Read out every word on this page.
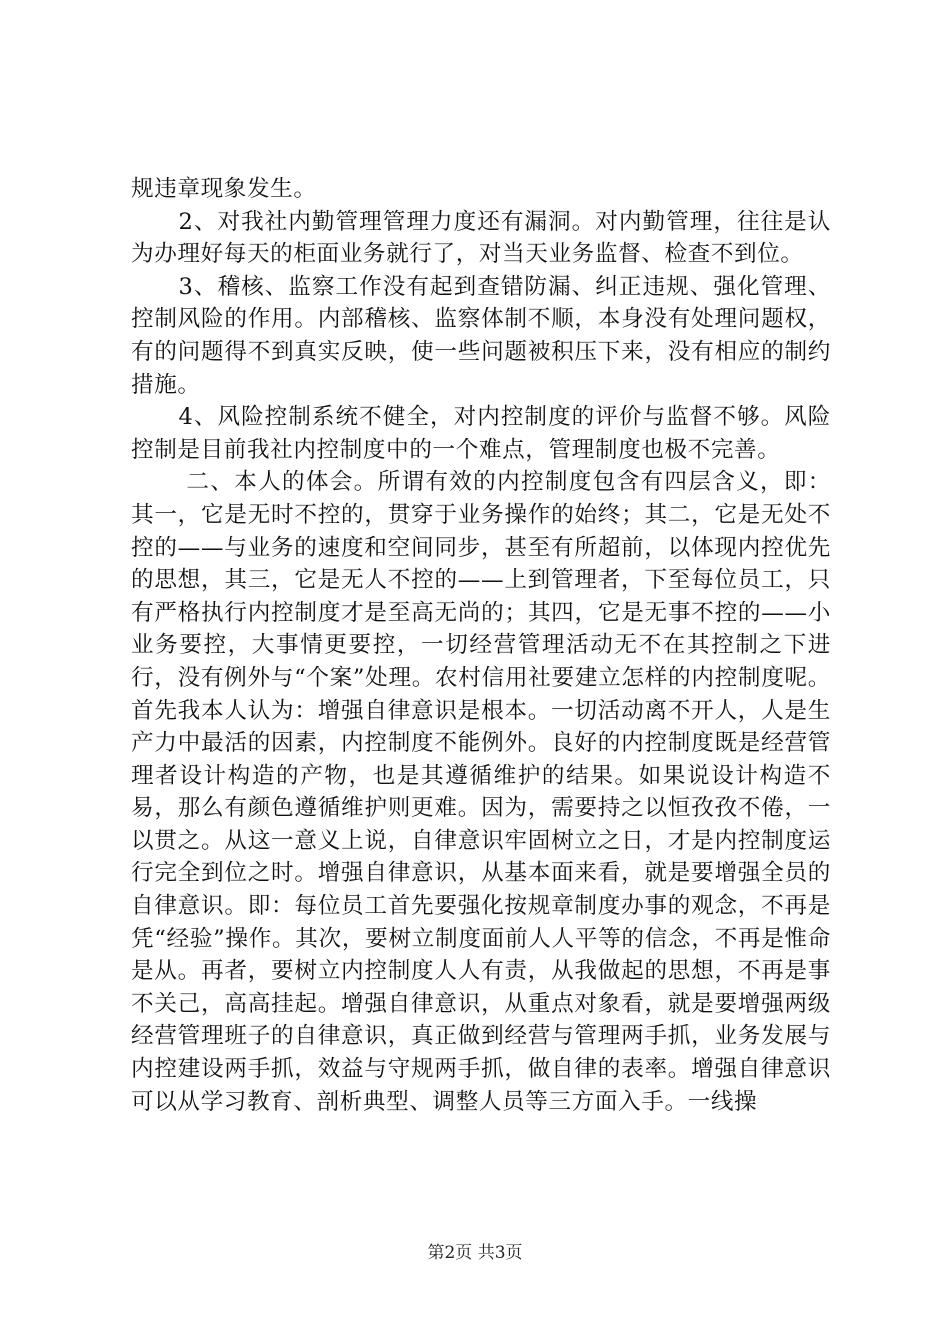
规违章现象发生。

2、对我社内勤管理管理力度还有漏洞。对内勤管理，往往是认为办理好每天的柜面业务就行了，对当天业务监督、检查不到位。

3、稽核、监察工作没有起到查错防漏、纠正违规、强化管理、控制风险的作用。内部稽核、监察体制不顺，本身没有处理问题权，有的问题得不到真实反映，使一些问题被积压下来，没有相应的制约措施。

4、风险控制系统不健全，对内控制度的评价与监督不够。风险控制是目前我社内控制度中的一个难点，管理制度也极不完善。

二、本人的体会。所谓有效的内控制度包含有四层含义，即：其一，它是无时不控的，贯穿于业务操作的始终；其二，它是无处不控的——与业务的速度和空间同步，甚至有所超前，以体现内控优先的思想，其三，它是无人不控的——上到管理者，下至每位员工，只有严格执行内控制度才是至高无尚的；其四，它是无事不控的——小业务要控，大事情更要控，一切经营管理活动无不在其控制之下进行，没有例外与“个案”处理。农村信用社要建立怎样的内控制度呢。首先我本人认为：增强自律意识是根本。一切活动离不开人，人是生产力中最活的因素，内控制度不能例外。良好的内控制度既是经营管理者设计构造的产物，也是其遵循维护的结果。如果说设计构造不易，那么有颜色遵循维护则更难。因为，需要持之以恒孜孜不倦，一以贯之。从这一意义上说，自律意识牢固树立之日，才是内控制度运行完全到位之时。增强自律意识，从基本面来看，就是要增强全员的自律意识。即：每位员工首先要强化按规章制度办事的观念，不再是凭“经验”操作。其次，要树立制度面前人人平等的信念，不再是惟命是从。再者，要树立内控制度人人有责，从我做起的思想，不再是事不关己，高高挂起。增强自律意识，从重点对象看，就是要增强两级经营管理班子的自律意识，真正做到经营与管理两手抓，业务发展与内控建设两手抓，效益与守规两手抓，做自律的表率。增强自律意识可以从学习教育、剖析典型、调整人员等三方面入手。一线操

第2页 共3页
